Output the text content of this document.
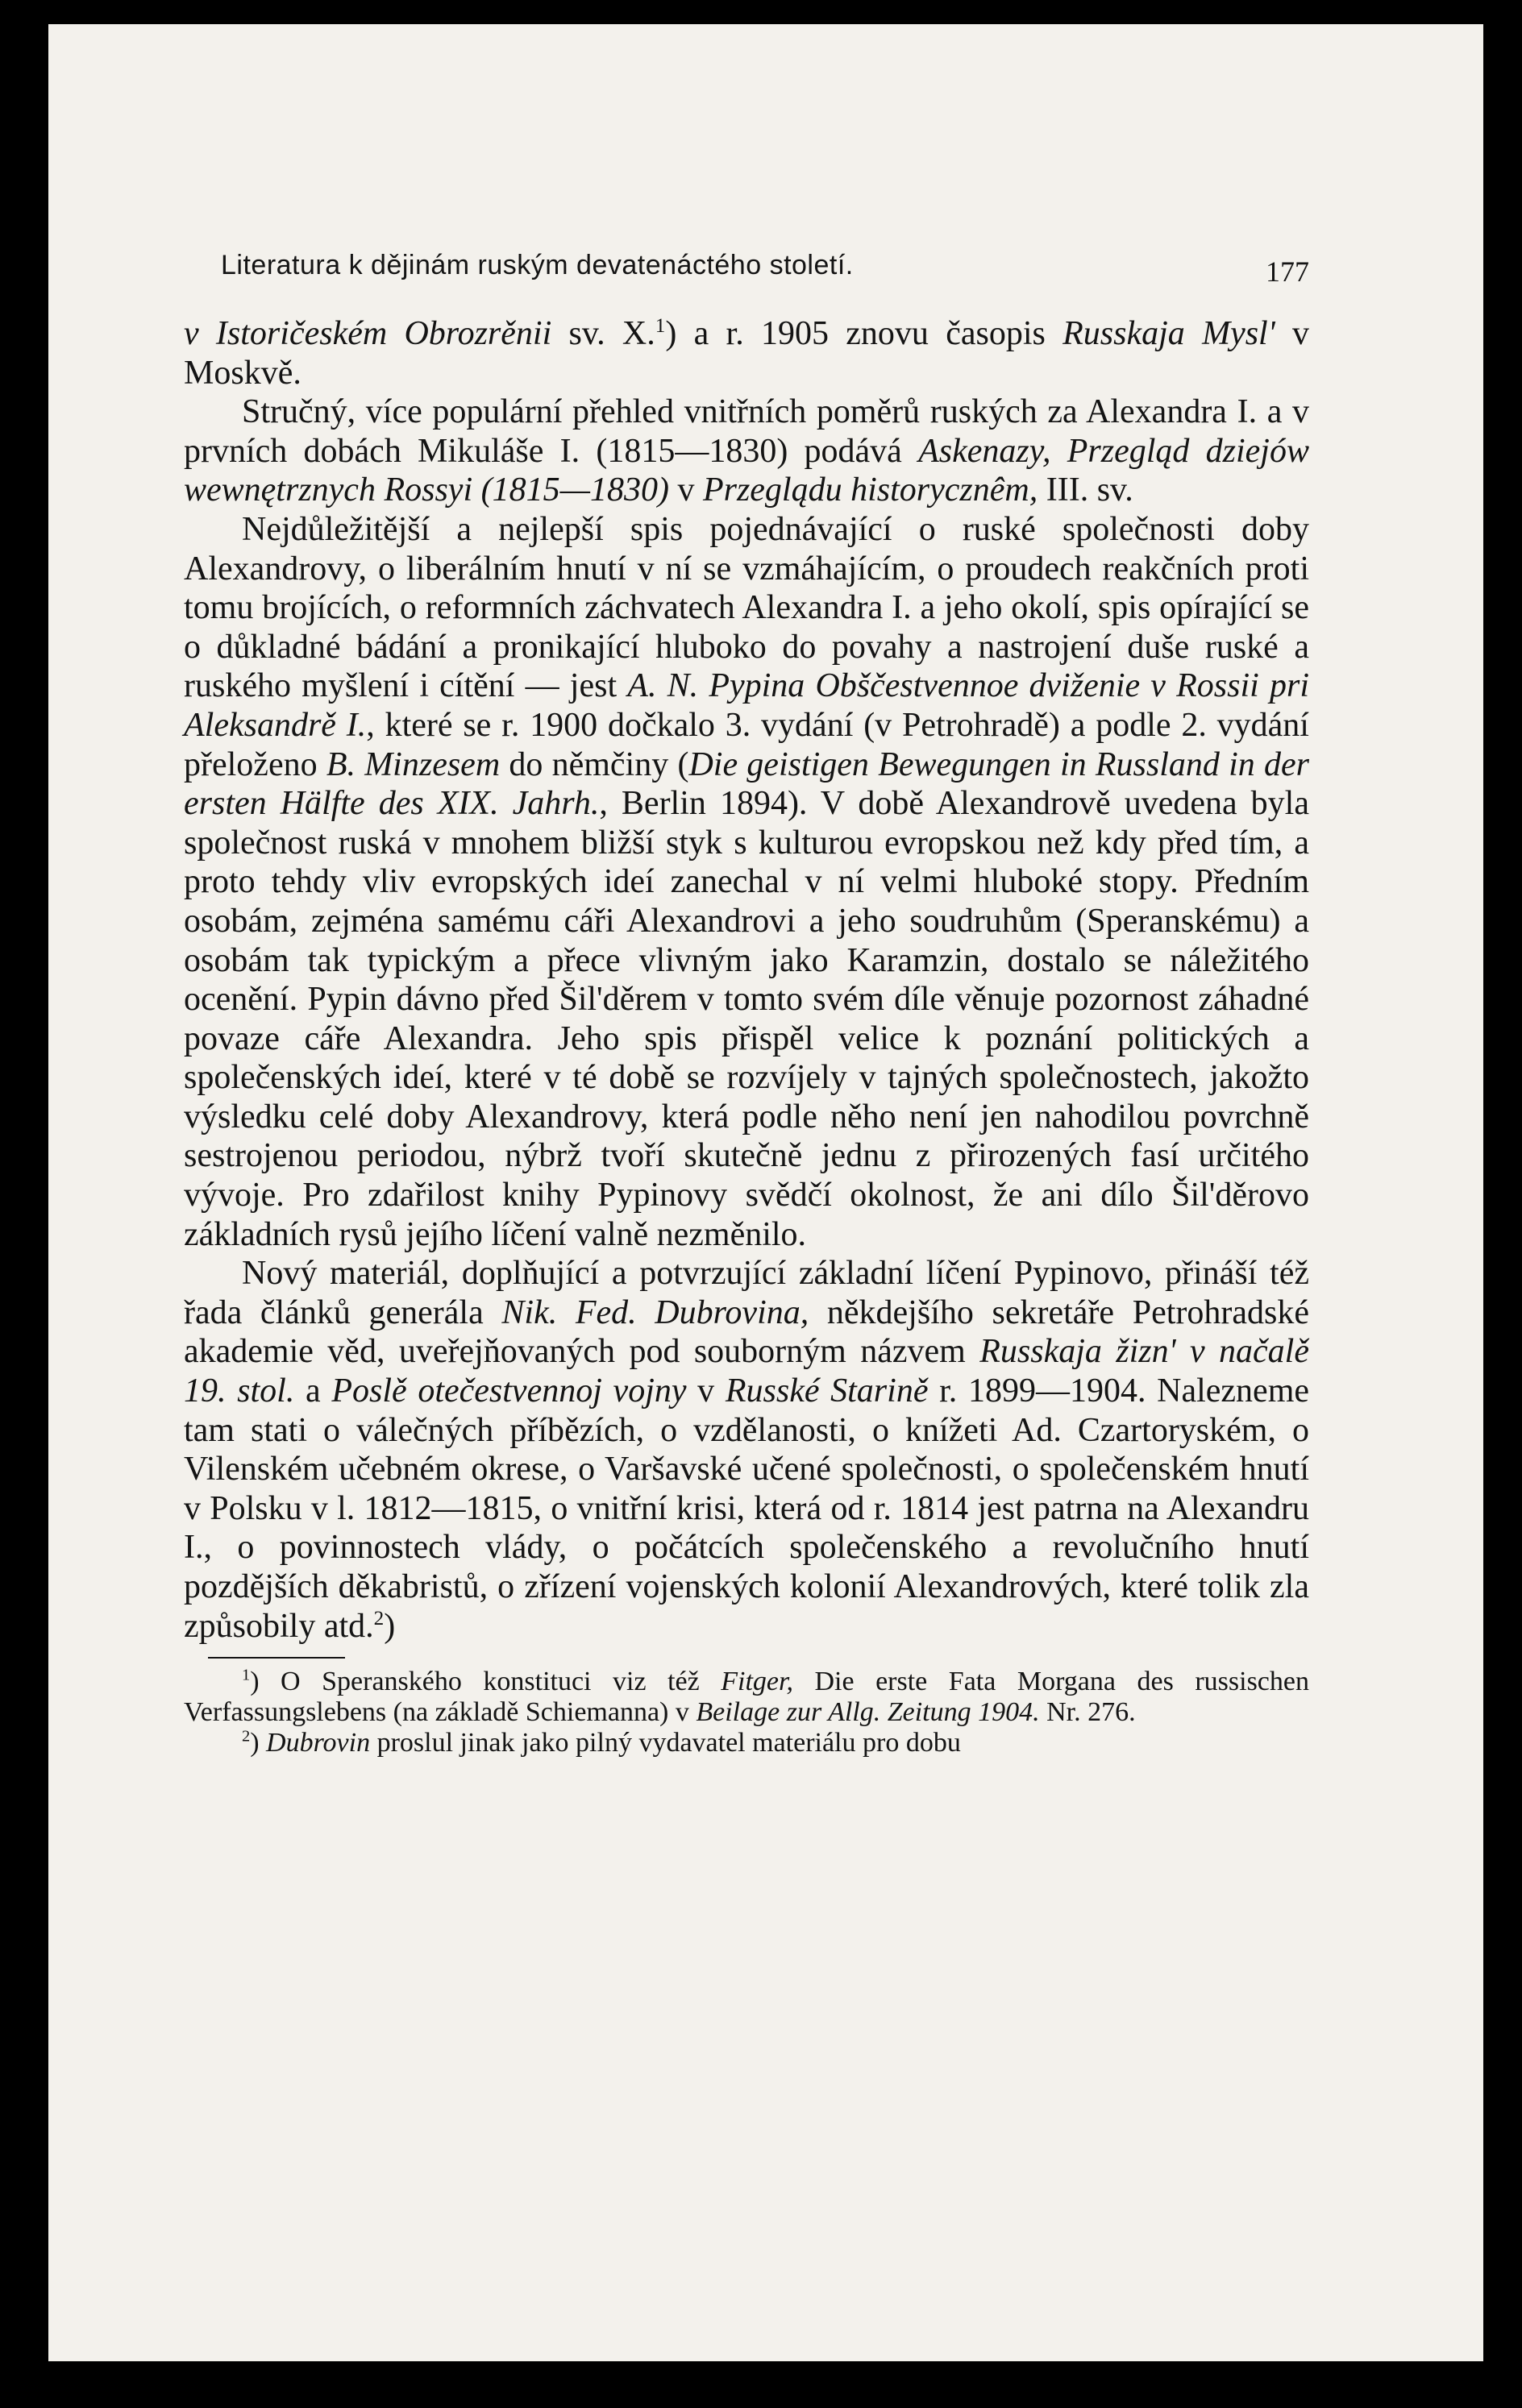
Literatura k dějinám ruským devatenáctého století.	177

v Istoričeském Obrozrěnii sv. X.$^1$) a r. 1905 znovu časopis Russkaja Mysl' v Moskvě.

Stručný, více populární přehled vnitřních poměrů ruských za Alexandra I. a v prvních dobách Mikuláše I. (1815—1830) podává Askenazy, Przegląd dziejów wewnętrznych Rossyi (1815—1830) v Przeglądu historycznêm, III. sv.

Nejdůležitější a nejlepší spis pojednávající o ruské společnosti doby Alexandrovy, o liberálním hnutí v ní se vzmáhajícím, o proudech reakčních proti tomu brojících, o reformních záchvatech Alexandra I. a jeho okolí, spis opírající se o důkladné bádání a pronikající hluboko do povahy a nastrojení duše ruské a ruského myšlení i cítění — jest A. N. Pypina Obščestvennoe dviženie v Rossii pri Aleksandrě I., které se r. 1900 dočkalo 3. vydání (v Petrohradě) a podle 2. vydání přeloženo B. Minzesem do němčiny (Die geistigen Bewegungen in Russland in der ersten Hälfte des XIX. Jahrh., Berlin 1894). V době Alexandrově uvedena byla společnost ruská v mnohem bližší styk s kulturou evropskou než kdy před tím, a proto tehdy vliv evropských ideí zanechal v ní velmi hluboké stopy. Předním osobám, zejména samému cáři Alexandrovi a jeho soudruhům (Speranskému) a osobám tak typickým a přece vlivným jako Karamzin, dostalo se náležitého ocenění. Pypin dávno před Šil'děrem v tomto svém díle věnuje pozornost záhadné povaze cáře Alexandra. Jeho spis přispěl velice k poznání politických a společenských ideí, které v té době se rozvíjely v tajných společnostech, jakožto výsledku celé doby Alexandrovy, která podle něho není jen nahodilou povrchně sestrojenou periodou, nýbrž tvoří skutečně jednu z přirozených fasí určitého vývoje. Pro zdařilost knihy Pypinovy svědčí okolnost, že ani dílo Šil'děrovo základních rysů jejího líčení valně nezměnilo.

Nový materiál, doplňující a potvrzující základní líčení Pypinovo, přináší též řada článků generála Nik. Fed. Dubrovina, někdejšího sekretáře Petrohradské akademie věd, uveřejňovaných pod souborným názvem Russkaja žizn' v načalě 19. stol. a Poslě otečestvennoj vojny v Russké Starině r. 1899—1904. Nalezneme tam stati o válečných příbězích, o vzdělanosti, o knížeti Ad. Czartoryském, o Vilenském učebném okrese, o Varšavské učené společnosti, o společenském hnutí v Polsku v l. 1812—1815, o vnitřní krisi, která od r. 1814 jest patrna na Alexandru I., o povinnostech vlády, o počátcích společenského a revolučního hnutí pozdějších děkabristů, o zřízení vojenských kolonií Alexandrových, které tolik zla způsobily atd.$^2$)

$^1$) O Speranského konstituci viz též Fitger, Die erste Fata Morgana des russischen Verfassungslebens (na základě Schiemanna) v Beilage zur Allg. Zeitung 1904. Nr. 276.

$^2$) Dubrovin proslul jinak jako pilný vydavatel materiálu pro dobu
